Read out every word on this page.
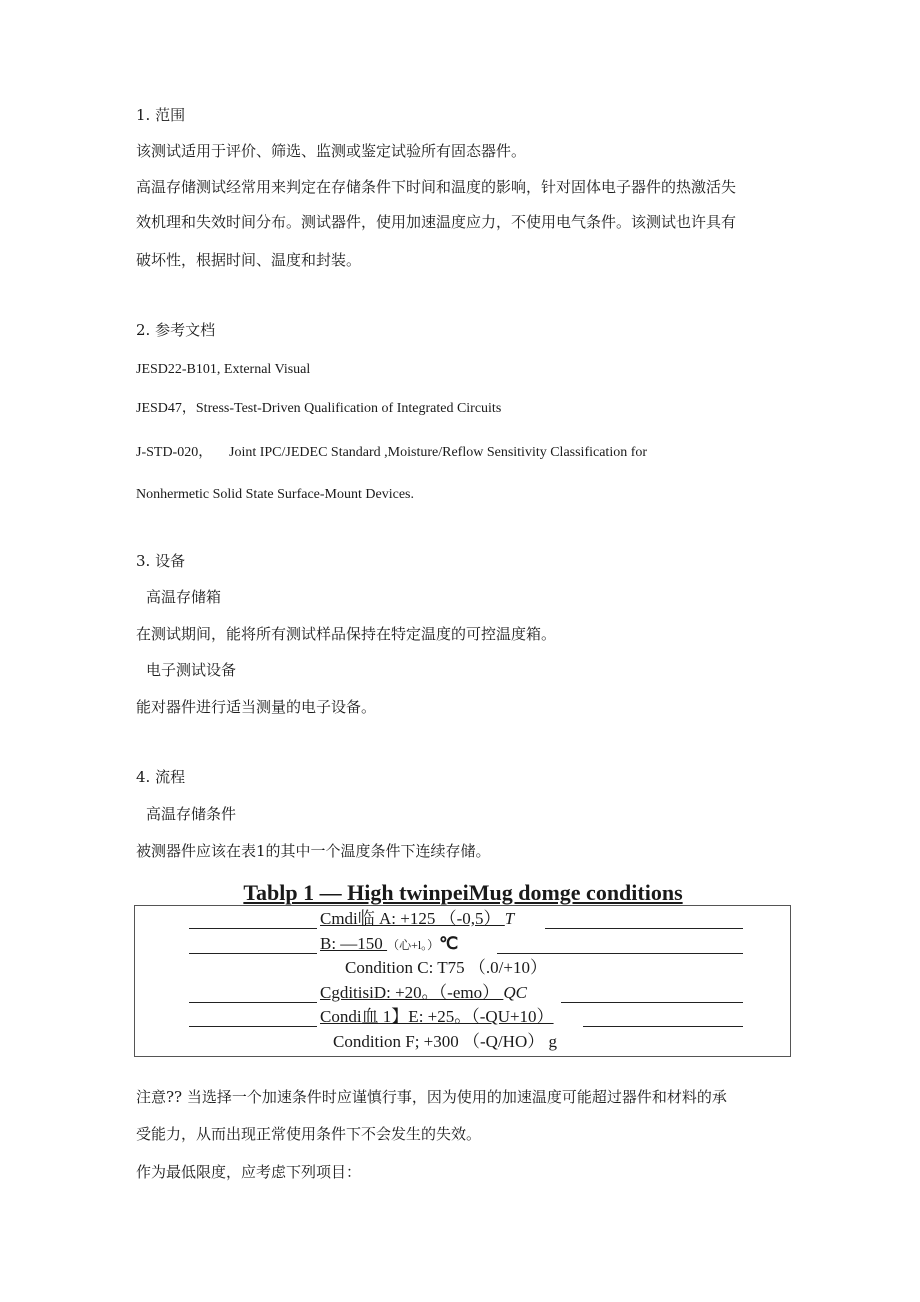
1. 范围
该测试适用于评价、筛选、监测或鉴定试验所有固态器件。
高温存储测试经常用来判定在存储条件下时间和温度的影响，针对固体电子器件的热激活失
效机理和失效时间分布。测试器件，使用加速温度应力，不使用电气条件。该测试也许具有
破坏性，根据时间、温度和封装。
2. 参考文档
JESD22-B101, External Visual
JESD47，Stress-Test-Driven Qualification of Integrated Circuits
J-STD-020， Joint IPC/JEDEC Standard ,Moisture/Reflow Sensitivity Classification for
Nonhermetic Solid State Surface-Mount Devices.
3. 设备
高温存储箱
在测试期间，能将所有测试样品保持在特定温度的可控温度箱。
电子测试设备
能对器件进行适当测量的电子设备。
4. 流程
高温存储条件
被测器件应该在表1的其中一个温度条件下连续存储。
Tablp 1 — High twinpeiMug domge conditions
Cmdi临 A: +125 （-0,5） T
B: —150 （心+l。）℃
Condition C: T75 （.0/+10）
CgditisiD: +20。（-emo） QC
Condi血 1】E: +25。（-QU+10）
Condition F; +300 （-Q/HO） g
注意?? 当选择一个加速条件时应谨慎行事，因为使用的加速温度可能超过器件和材料的承
受能力，从而出现正常使用条件下不会发生的失效。
作为最低限度，应考虑下列项目：
